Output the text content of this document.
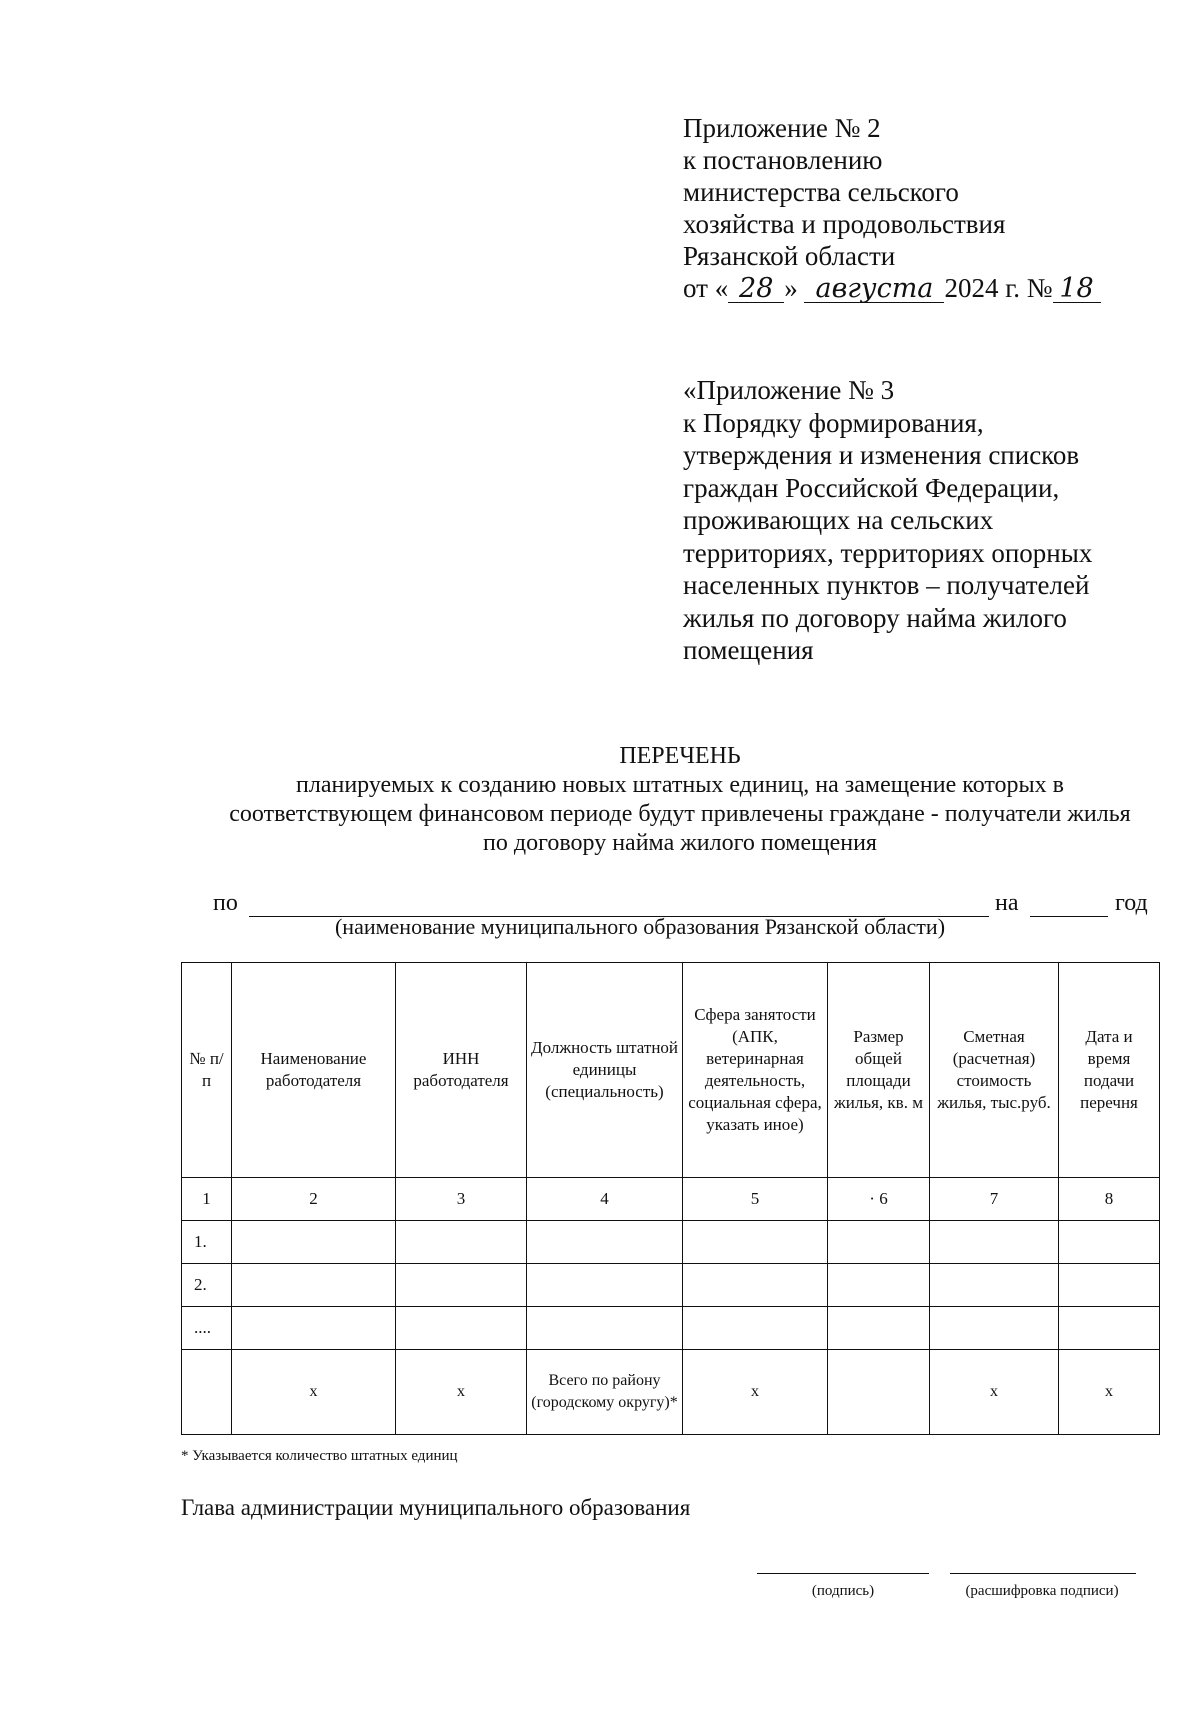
Приложение № 2
к постановлению
министерства сельского
хозяйства и продовольствия
Рязанской области
от « 28 » августа 2024 г. № 18
«Приложение № 3
к Порядку формирования,
утверждения и изменения списков
граждан Российской Федерации,
проживающих на сельских
территориях, территориях опорных
населенных пунктов – получателей
жилья по договору найма жилого
помещения
ПЕРЕЧЕНЬ
планируемых к созданию новых штатных единиц, на замещение которых в
соответствующем финансовом периоде будут привлечены граждане - получатели жилья
по договору найма жилого помещения
по	на	год
(наименование муниципального образования Рязанской области)
№ п/п	Наименование работодателя	ИНН работодателя	Должность штатной единицы (специальность)	Сфера занятости (АПК, ветеринарная деятельность, социальная сфера, указать иное)	Размер общей площади жилья, кв. м	Сметная (расчетная) стоимость жилья, тыс.руб.	Дата и время подачи перечня
1	2	3	4	5	· 6	7	8
1.							
2.							
....							
	х	х	Всего по району (городскому округу)*	х		х	х
* Указывается количество штатных единиц
Глава администрации муниципального образования
(подпись)	(расшифровка подписи)
